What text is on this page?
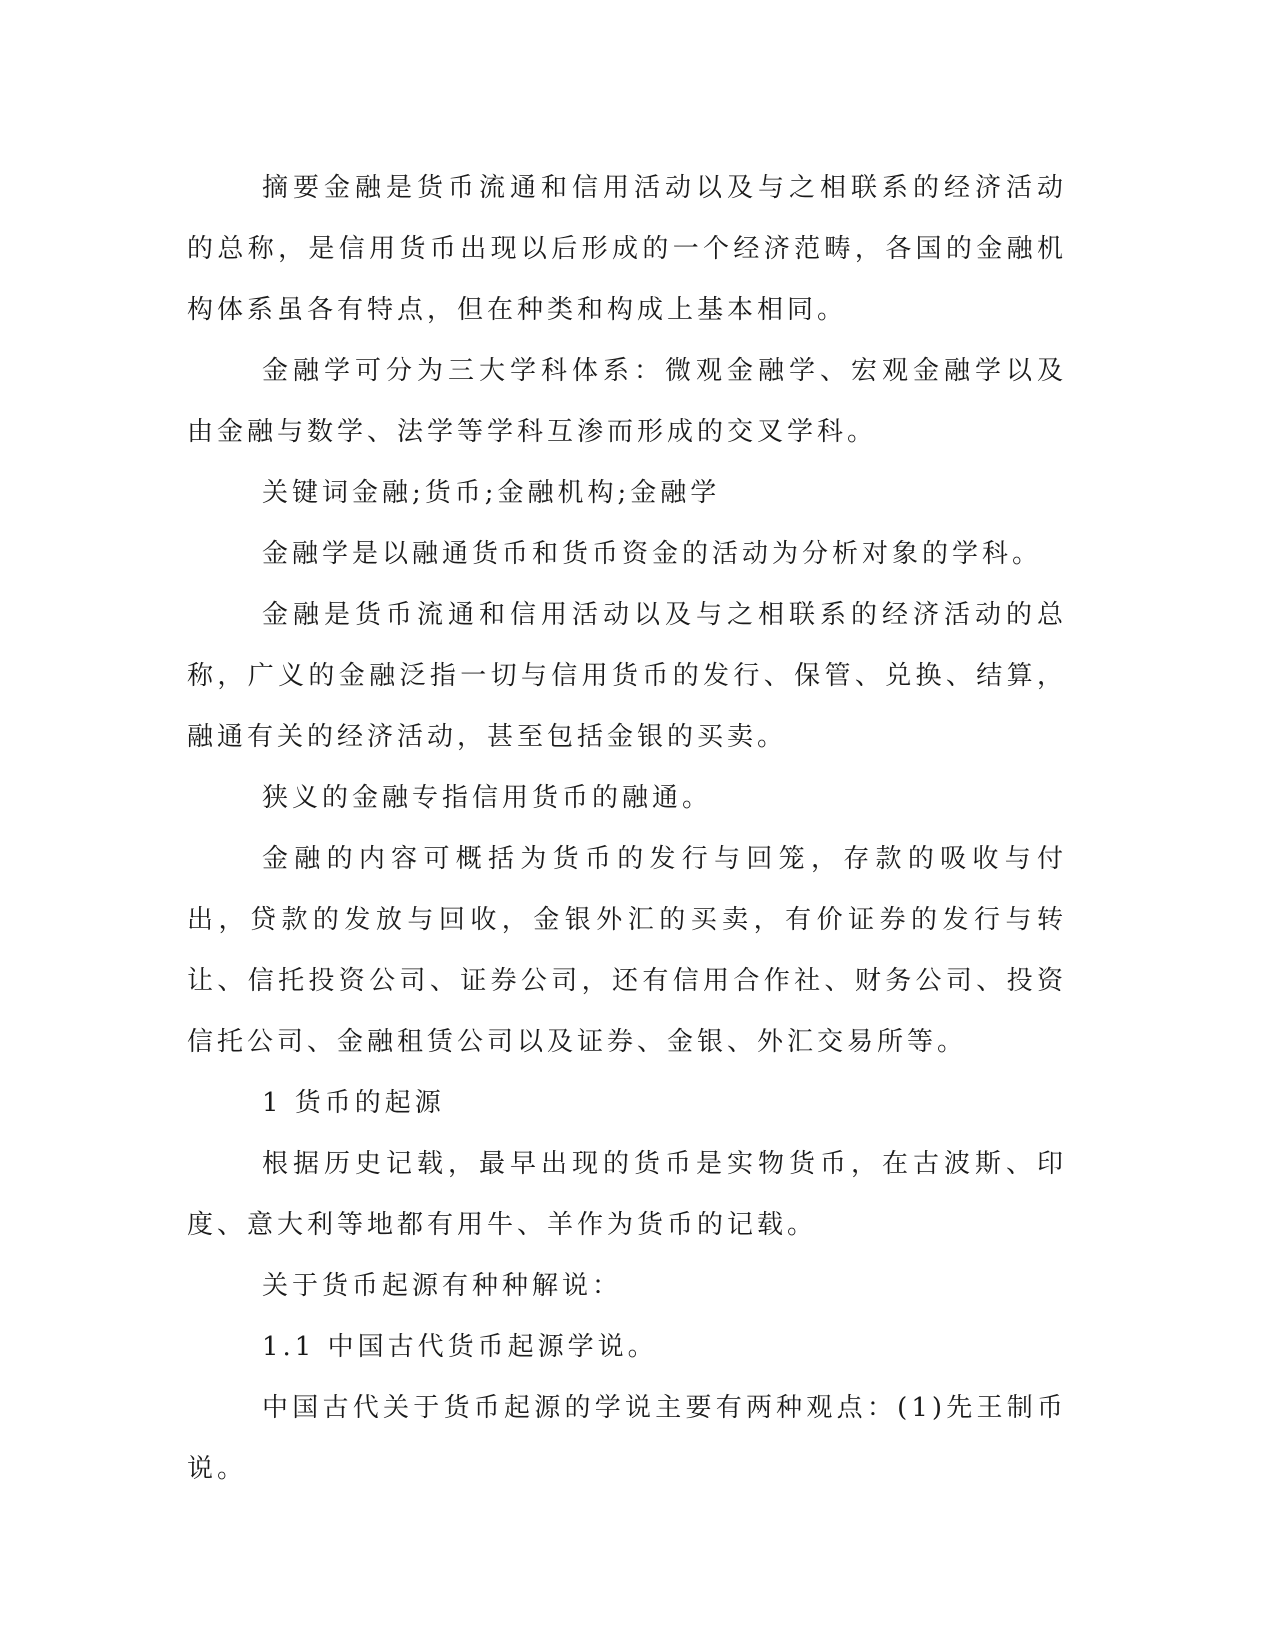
摘要金融是货币流通和信用活动以及与之相联系的经济活动的总称，是信用货币出现以后形成的一个经济范畴，各国的金融机构体系虽各有特点，但在种类和构成上基本相同。

金融学可分为三大学科体系：微观金融学、宏观金融学以及由金融与数学、法学等学科互渗而形成的交叉学科。

关键词金融;货币;金融机构;金融学

金融学是以融通货币和货币资金的活动为分析对象的学科。

金融是货币流通和信用活动以及与之相联系的经济活动的总称，广义的金融泛指一切与信用货币的发行、保管、兑换、结算，融通有关的经济活动，甚至包括金银的买卖。

狭义的金融专指信用货币的融通。

金融的内容可概括为货币的发行与回笼，存款的吸收与付出，贷款的发放与回收，金银外汇的买卖，有价证券的发行与转让、信托投资公司、证券公司，还有信用合作社、财务公司、投资信托公司、金融租赁公司以及证券、金银、外汇交易所等。

1 货币的起源

根据历史记载，最早出现的货币是实物货币，在古波斯、印度、意大利等地都有用牛、羊作为货币的记载。

关于货币起源有种种解说：

1.1 中国古代货币起源学说。

中国古代关于货币起源的学说主要有两种观点：(1)先王制币说。
